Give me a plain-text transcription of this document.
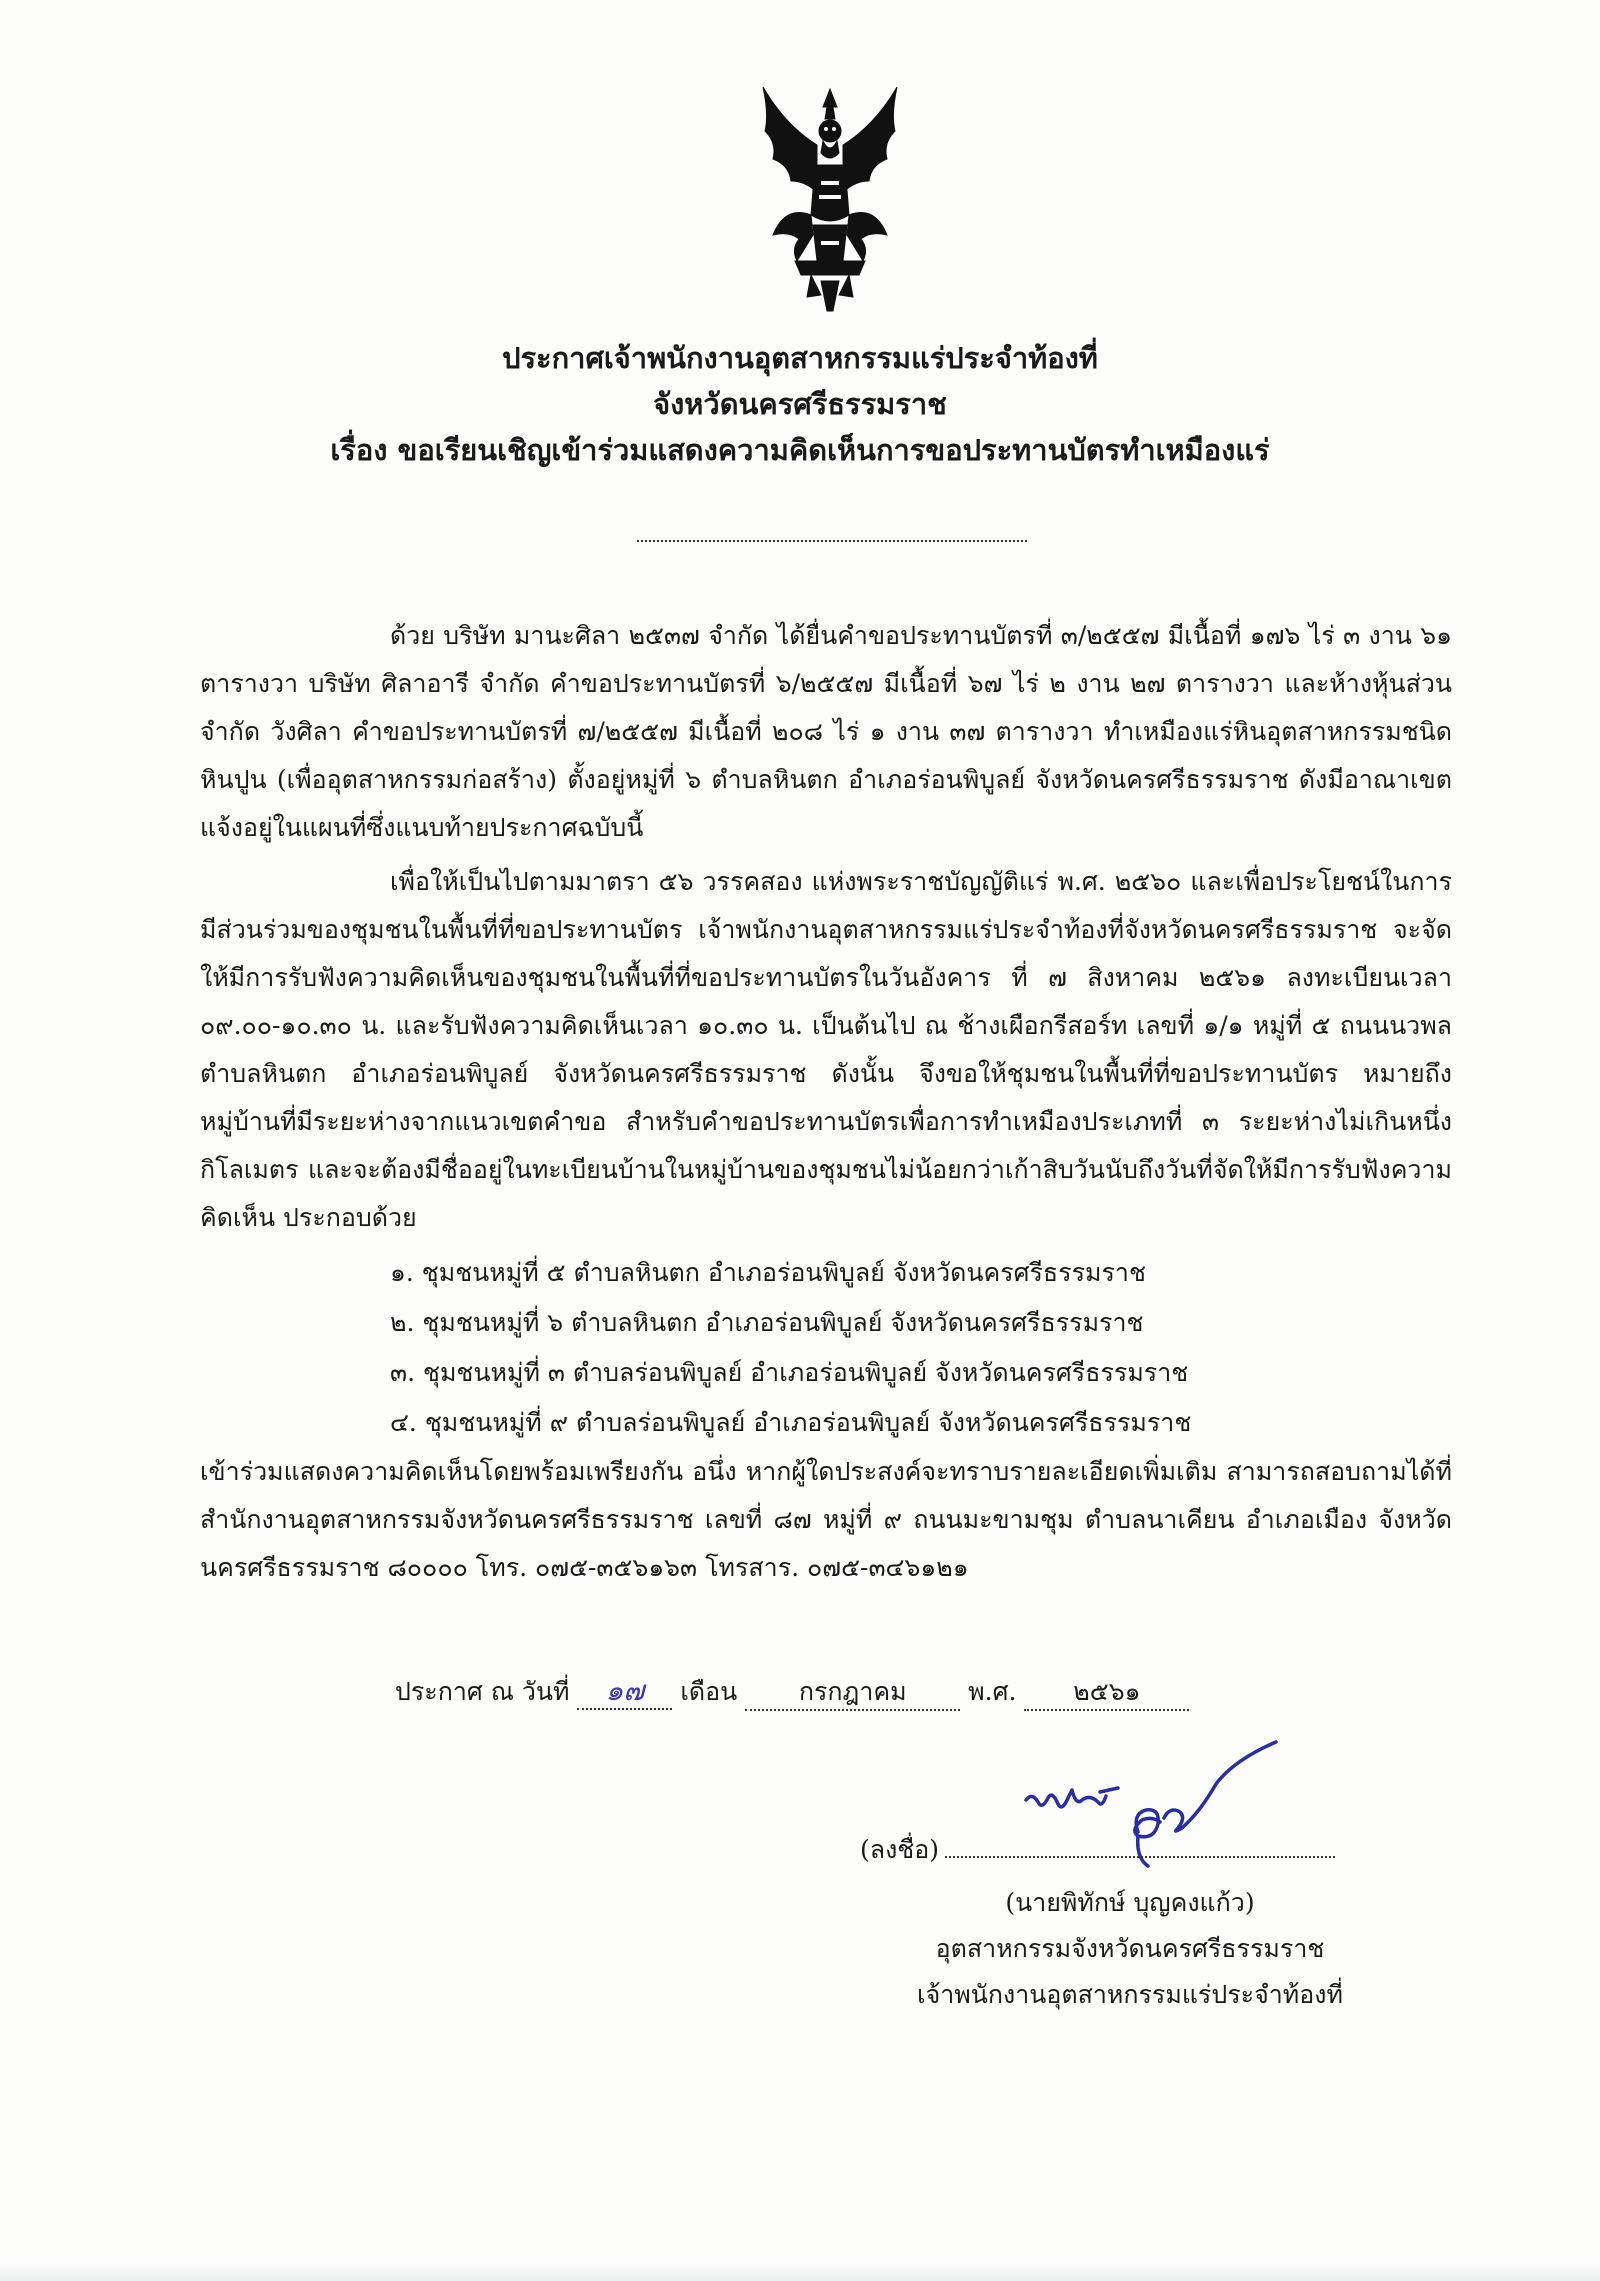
ประกาศเจ้าพนักงานอุตสาหกรรมแร่ประจำท้องที่
จังหวัดนครศรีธรรมราช
เรื่อง ขอเรียนเชิญเข้าร่วมแสดงความคิดเห็นการขอประทานบัตรทำเหมืองแร่

ด้วย บริษัท มานะศิลา ๒๕๓๗ จำกัด ได้ยื่นคำขอประทานบัตรที่ ๓/๒๕๕๗ มีเนื้อที่ ๑๗๖ ไร่ ๓ งาน ๖๑ ตารางวา บริษัท ศิลาอารี จำกัด คำขอประทานบัตรที่ ๖/๒๕๕๗ มีเนื้อที่ ๖๗ ไร่ ๒ งาน ๒๗ ตารางวา และห้างหุ้นส่วนจำกัด วังศิลา คำขอประทานบัตรที่ ๗/๒๕๕๗ มีเนื้อที่ ๒๐๘ ไร่ ๑ งาน ๓๗ ตารางวา ทำเหมืองแร่หินอุตสาหกรรมชนิดหินปูน (เพื่ออุตสาหกรรมก่อสร้าง) ตั้งอยู่หมู่ที่ ๖ ตำบลหินตก อำเภอร่อนพิบูลย์ จังหวัดนครศรีธรรมราช ดังมีอาณาเขตแจ้งอยู่ในแผนที่ซึ่งแนบท้ายประกาศฉบับนี้

เพื่อให้เป็นไปตามมาตรา ๕๖ วรรคสอง แห่งพระราชบัญญัติแร่ พ.ศ. ๒๕๖๐ และเพื่อประโยชน์ในการมีส่วนร่วมของชุมชนในพื้นที่ที่ขอประทานบัตร เจ้าพนักงานอุตสาหกรรมแร่ประจำท้องที่จังหวัดนครศรีธรรมราช จะจัดให้มีการรับฟังความคิดเห็นของชุมชนในพื้นที่ที่ขอประทานบัตรในวันอังคาร ที่ ๗ สิงหาคม ๒๕๖๑ ลงทะเบียนเวลา ๐๙.๐๐-๑๐.๓๐ น. และรับฟังความคิดเห็นเวลา ๑๐.๓๐ น. เป็นต้นไป ณ ช้างเผือกรีสอร์ท เลขที่ ๑/๑ หมู่ที่ ๕ ถนนนวพล ตำบลหินตก อำเภอร่อนพิบูลย์ จังหวัดนครศรีธรรมราช ดังนั้น จึงขอให้ชุมชนในพื้นที่ที่ขอประทานบัตร หมายถึง หมู่บ้านที่มีระยะห่างจากแนวเขตคำขอ สำหรับคำขอประทานบัตรเพื่อการทำเหมืองประเภทที่ ๓ ระยะห่างไม่เกินหนึ่งกิโลเมตร และจะต้องมีชื่ออยู่ในทะเบียนบ้านในหมู่บ้านของชุมชนไม่น้อยกว่าเก้าสิบวันนับถึงวันที่จัดให้มีการรับฟังความคิดเห็น ประกอบด้วย

๑. ชุมชนหมู่ที่ ๕ ตำบลหินตก อำเภอร่อนพิบูลย์ จังหวัดนครศรีธรรมราช

๒. ชุมชนหมู่ที่ ๖ ตำบลหินตก อำเภอร่อนพิบูลย์ จังหวัดนครศรีธรรมราช

๓. ชุมชนหมู่ที่ ๓ ตำบลร่อนพิบูลย์ อำเภอร่อนพิบูลย์ จังหวัดนครศรีธรรมราช

๔. ชุมชนหมู่ที่ ๙ ตำบลร่อนพิบูลย์ อำเภอร่อนพิบูลย์ จังหวัดนครศรีธรรมราช

เข้าร่วมแสดงความคิดเห็นโดยพร้อมเพรียงกัน อนึ่ง หากผู้ใดประสงค์จะทราบรายละเอียดเพิ่มเติม สามารถสอบถามได้ที่ สำนักงานอุตสาหกรรมจังหวัดนครศรีธรรมราช เลขที่ ๘๗ หมู่ที่ ๙ ถนนมะขามชุม ตำบลนาเคียน อำเภอเมือง จังหวัดนครศรีธรรมราช ๘๐๐๐๐ โทร. ๐๗๕-๓๕๖๑๖๓ โทรสาร. ๐๗๕-๓๔๖๑๒๑

ประกาศ ณ วันที่ ๑๗ เดือน กรกฎาคม พ.ศ. ๒๕๖๑
(ลงชื่อ)
(นายพิทักษ์ บุญคงแก้ว)
อุตสาหกรรมจังหวัดนครศรีธรรมราช
เจ้าพนักงานอุตสาหกรรมแร่ประจำท้องที่
